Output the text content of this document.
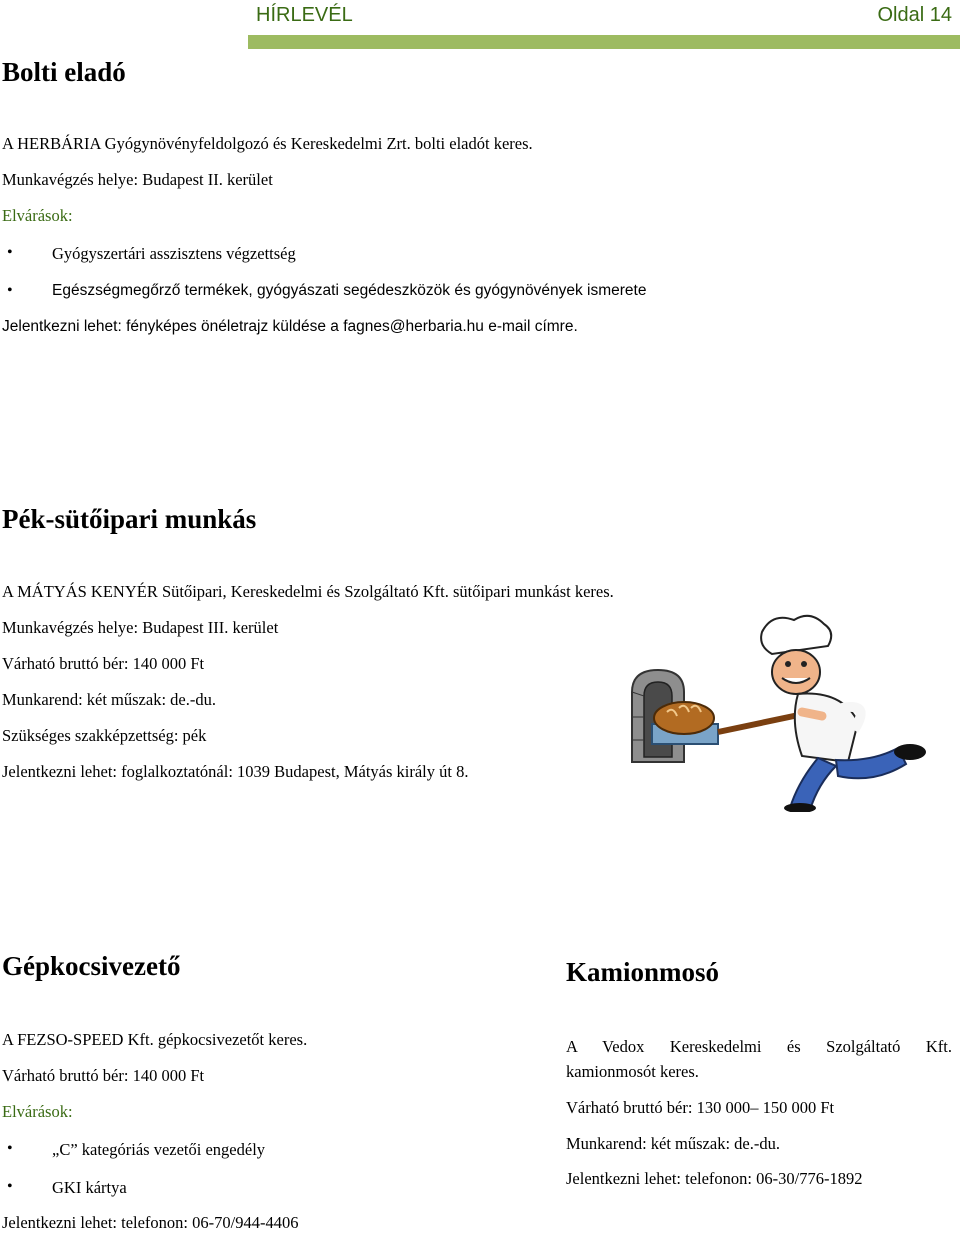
HÍRLEVÉL	Oldal 14
Bolti eladó
A HERBÁRIA Gyógynövényfeldolgozó és Kereskedelmi Zrt. bolti eladót keres.
Munkavégzés helye: Budapest II. kerület
Elvárások:
• Gyógyszertári asszisztens végzettség
•	Egészségmegőrző termékek, gyógyászati segédeszközök és gyógynövények ismerete
Jelentkezni lehet: fényképes önéletrajz küldése a fagnes@herbaria.hu e-mail címre.
Pék-sütőipari munkás
A MÁTYÁS KENYÉR Sütőipari, Kereskedelmi és Szolgáltató Kft. sütőipari munkást keres.
Munkavégzés helye: Budapest III. kerület
Várható bruttó bér: 140 000 Ft
Munkarend: két műszak: de.-du.
Szükséges szakképzettség: pék
Jelentkezni lehet: foglalkoztatónál: 1039 Budapest, Mátyás király út 8.
Gépkocsivezető
A FEZSO-SPEED Kft. gépkocsivezetőt keres.
Várható bruttó bér: 140 000 Ft
Elvárások:
• „C” kategóriás vezetői engedély
• GKI kártya
Jelentkezni lehet: telefonon: 06-70/944-4406
Kamionmosó
A Vedox Kereskedelmi és Szolgáltató Kft.
kamionmosót keres.
Várható bruttó bér: 130 000– 150 000 Ft
Munkarend: két műszak: de.-du.
Jelentkezni lehet: telefonon: 06-30/776-1892
